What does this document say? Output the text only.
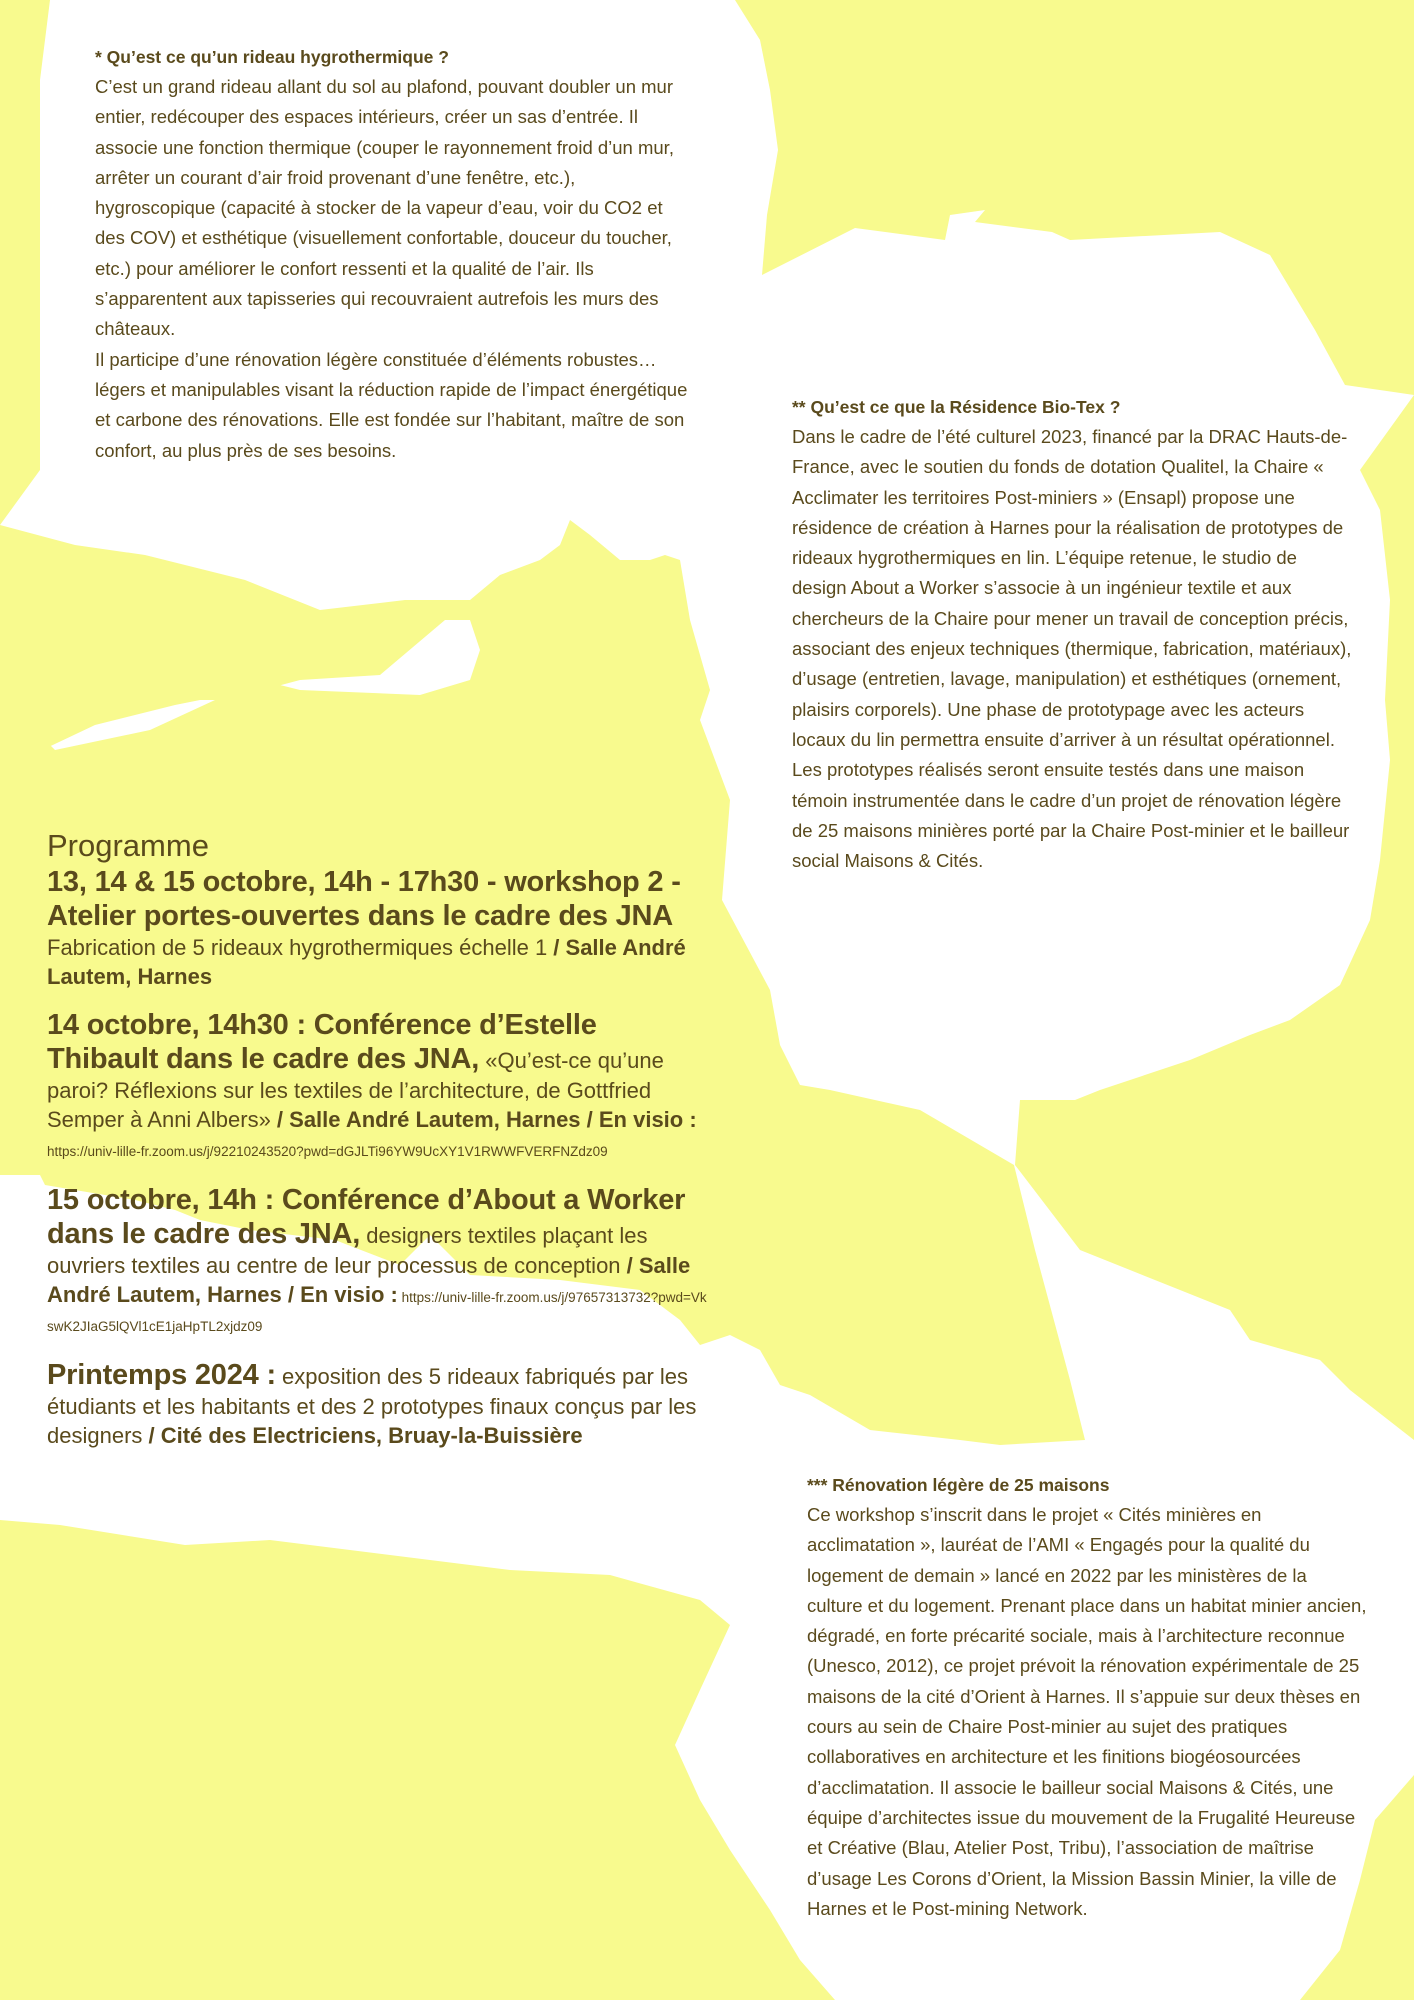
* Qu’est ce qu’un rideau hygrothermique ?

C’est un grand rideau allant du sol au plafond, pouvant doubler un mur entier, redécouper des espaces intérieurs, créer un sas d’entrée. Il associe une fonction thermique (couper le rayonnement froid d’un mur, arrêter un courant d’air froid provenant d’une fenêtre, etc.), hygroscopique (capacité à stocker de la vapeur d’eau, voir du CO2 et des COV) et esthétique (visuellement confortable, douceur du toucher, etc.) pour améliorer le confort ressenti et la qualité de l’air. Ils s’apparentent aux tapisseries qui recouvraient autrefois les murs des châteaux.

Il participe d’une rénovation légère constituée d’éléments robustes… légers et manipulables visant la réduction rapide de l’impact énergétique et carbone des rénovations. Elle est fondée sur l’habitant, maître de son confort, au plus près de ses besoins.

** Qu’est ce que la Résidence Bio-Tex ?

Dans le cadre de l’été culturel 2023, financé par la DRAC Hauts-de-France, avec le soutien du fonds de dotation Qualitel, la Chaire « Acclimater les territoires Post-miniers » (Ensapl) propose une résidence de création à Harnes pour la réalisation de prototypes de rideaux hygrothermiques en lin. L’équipe retenue, le studio de design About a Worker s’associe à un ingénieur textile et aux chercheurs de la Chaire pour mener un travail de conception précis, associant des enjeux techniques (thermique, fabrication, matériaux), d’usage (entretien, lavage, manipulation) et esthétiques (ornement, plaisirs corporels). Une phase de prototypage avec les acteurs locaux du lin permettra ensuite d’arriver à un résultat opérationnel. Les prototypes réalisés seront ensuite testés dans une maison témoin instrumentée dans le cadre d’un projet de rénovation légère de 25 maisons minières porté par la Chaire Post-minier et le bailleur social Maisons & Cités.

*** Rénovation légère de 25 maisons

Ce workshop s’inscrit dans le projet « Cités minières en acclimatation », lauréat de l’AMI « Engagés pour la qualité du logement de demain » lancé en 2022 par les ministères de la culture et du logement. Prenant place dans un habitat minier ancien, dégradé, en forte précarité sociale, mais à l’architecture reconnue (Unesco, 2012), ce projet prévoit la rénovation expérimentale de 25 maisons de la cité d’Orient à Harnes. Il s’appuie sur deux thèses en cours au sein de Chaire Post-minier au sujet des pratiques collaboratives en architecture et les finitions biogéosourcées d’acclimatation. Il associe le bailleur social Maisons & Cités, une équipe d’architectes issue du mouvement de la Frugalité Heureuse et Créative (Blau, Atelier Post, Tribu), l’association de maîtrise d’usage Les Corons d’Orient, la Mission Bassin Minier, la ville de Harnes et le Post-mining Network.

Programme
13, 14 & 15 octobre, 14h - 17h30 - workshop 2 - Atelier portes-ouvertes dans le cadre des JNA Fabrication de 5 rideaux hygrothermiques échelle 1 / Salle André Lautem, Harnes
14 octobre, 14h30 : Conférence d’Estelle Thibault dans le cadre des JNA, «Qu’est-ce qu’une paroi? Réflexions sur les textiles de l’architecture, de Gottfried Semper à Anni Albers» / Salle André Lautem, Harnes / En visio : https://univ-lille-fr.zoom.us/j/92210243520?pwd=dGJLTi96YW9UcXY1V1RWWFVERFNZdz09
15 octobre, 14h : Conférence d’About a Worker dans le cadre des JNA, designers textiles plaçant les ouvriers textiles au centre de leur processus de conception / Salle André Lautem, Harnes / En visio : https://univ-lille-fr.zoom.us/j/97657313732?pwd=VkswK2JIaG5lQVl1cE1jaHpTL2xjdz09
Printemps 2024 : exposition des 5 rideaux fabriqués par les étudiants et les habitants et des 2 prototypes finaux conçus par les designers / Cité des Electriciens, Bruay-la-Buissière
